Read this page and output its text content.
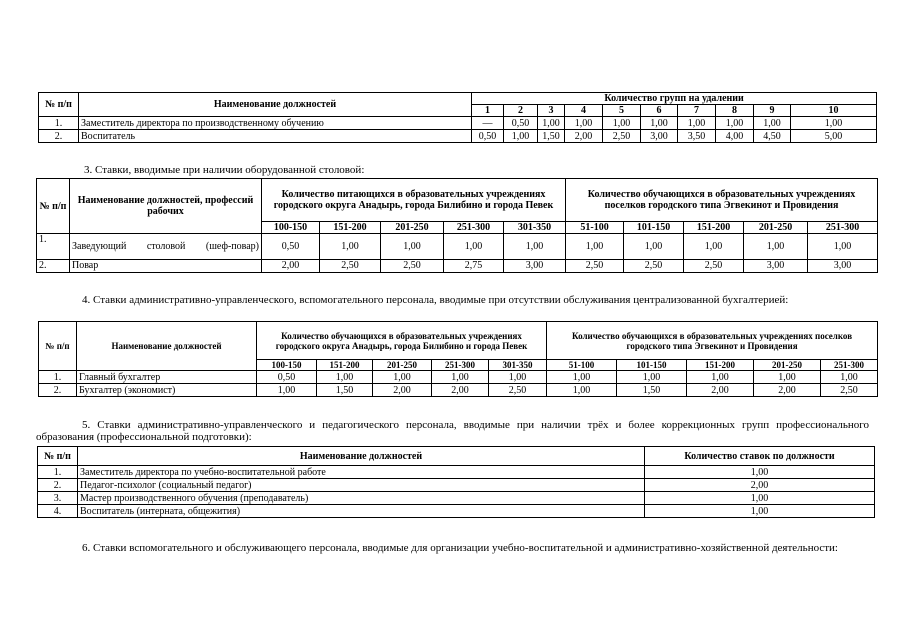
№ п/п	Наименование должностей	Количество групп на удалении									
		1	2	3	4	5	6	7	8	9	10
1.	Заместитель директора по производственному обучению	—	0,50	1,00	1,00	1,00	1,00	1,00	1,00	1,00	1,00
2.	Воспитатель	0,50	1,00	1,50	2,00	2,50	3,00	3,50	4,00	4,50	5,00
3. Ставки, вводимые при наличии оборудованной столовой:
№ п/п	Наименование должностей, профессий рабочих	Количество питающихся в образовательных учреждениях городского округа Анадырь, города Билибино и города Певек					Количество обучающихся в образовательных учреждениях поселков городского типа Эгвекинот и Провидения				
		100-150	151-200	201-250	251-300	301-350	51-100	101-150	151-200	201-250	251-300
1.	Заведующий столовой (шеф-повар)	0,50	1,00	1,00	1,00	1,00	1,00	1,00	1,00	1,00	1,00
2.	Повар	2,00	2,50	2,50	2,75	3,00	2,50	2,50	2,50	3,00	3,00
4. Ставки административно-управленческого, вспомогательного персонала, вводимые при отсутствии обслуживания централизованной бухгалтерией:
№ п/п	Наименование должностей	Количество обучающихся в образовательных учреждениях городского округа Анадырь, города Билибино и города Певек					Количество обучающихся в образовательных учреждениях поселков городского типа Эгвекинот и Провидения				
		100-150	151-200	201-250	251-300	301-350	51-100	101-150	151-200	201-250	251-300
1.	Главный бухгалтер	0,50	1,00	1,00	1,00	1,00	1,00	1,00	1,00	1,00	1,00
2.	Бухгалтер (экономист)	1,00	1,50	2,00	2,00	2,50	1,00	1,50	2,00	2,00	2,50
5. Ставки административно-управленческого и педагогического персонала, вводимые при наличии трёх и более коррекционных групп профессионального образования (профессиональной подготовки):
№ п/п	Наименование должностей	Количество ставок по должности
1.	Заместитель директора по учебно-воспитательной работе	1,00
2.	Педагог-психолог (социальный педагог)	2,00
3.	Мастер производственного обучения (преподаватель)	1,00
4.	Воспитатель (интерната, общежития)	1,00
6. Ставки вспомогательного и обслуживающего персонала, вводимые для организации учебно-воспитательной и административно-хозяйственной деятельности:
